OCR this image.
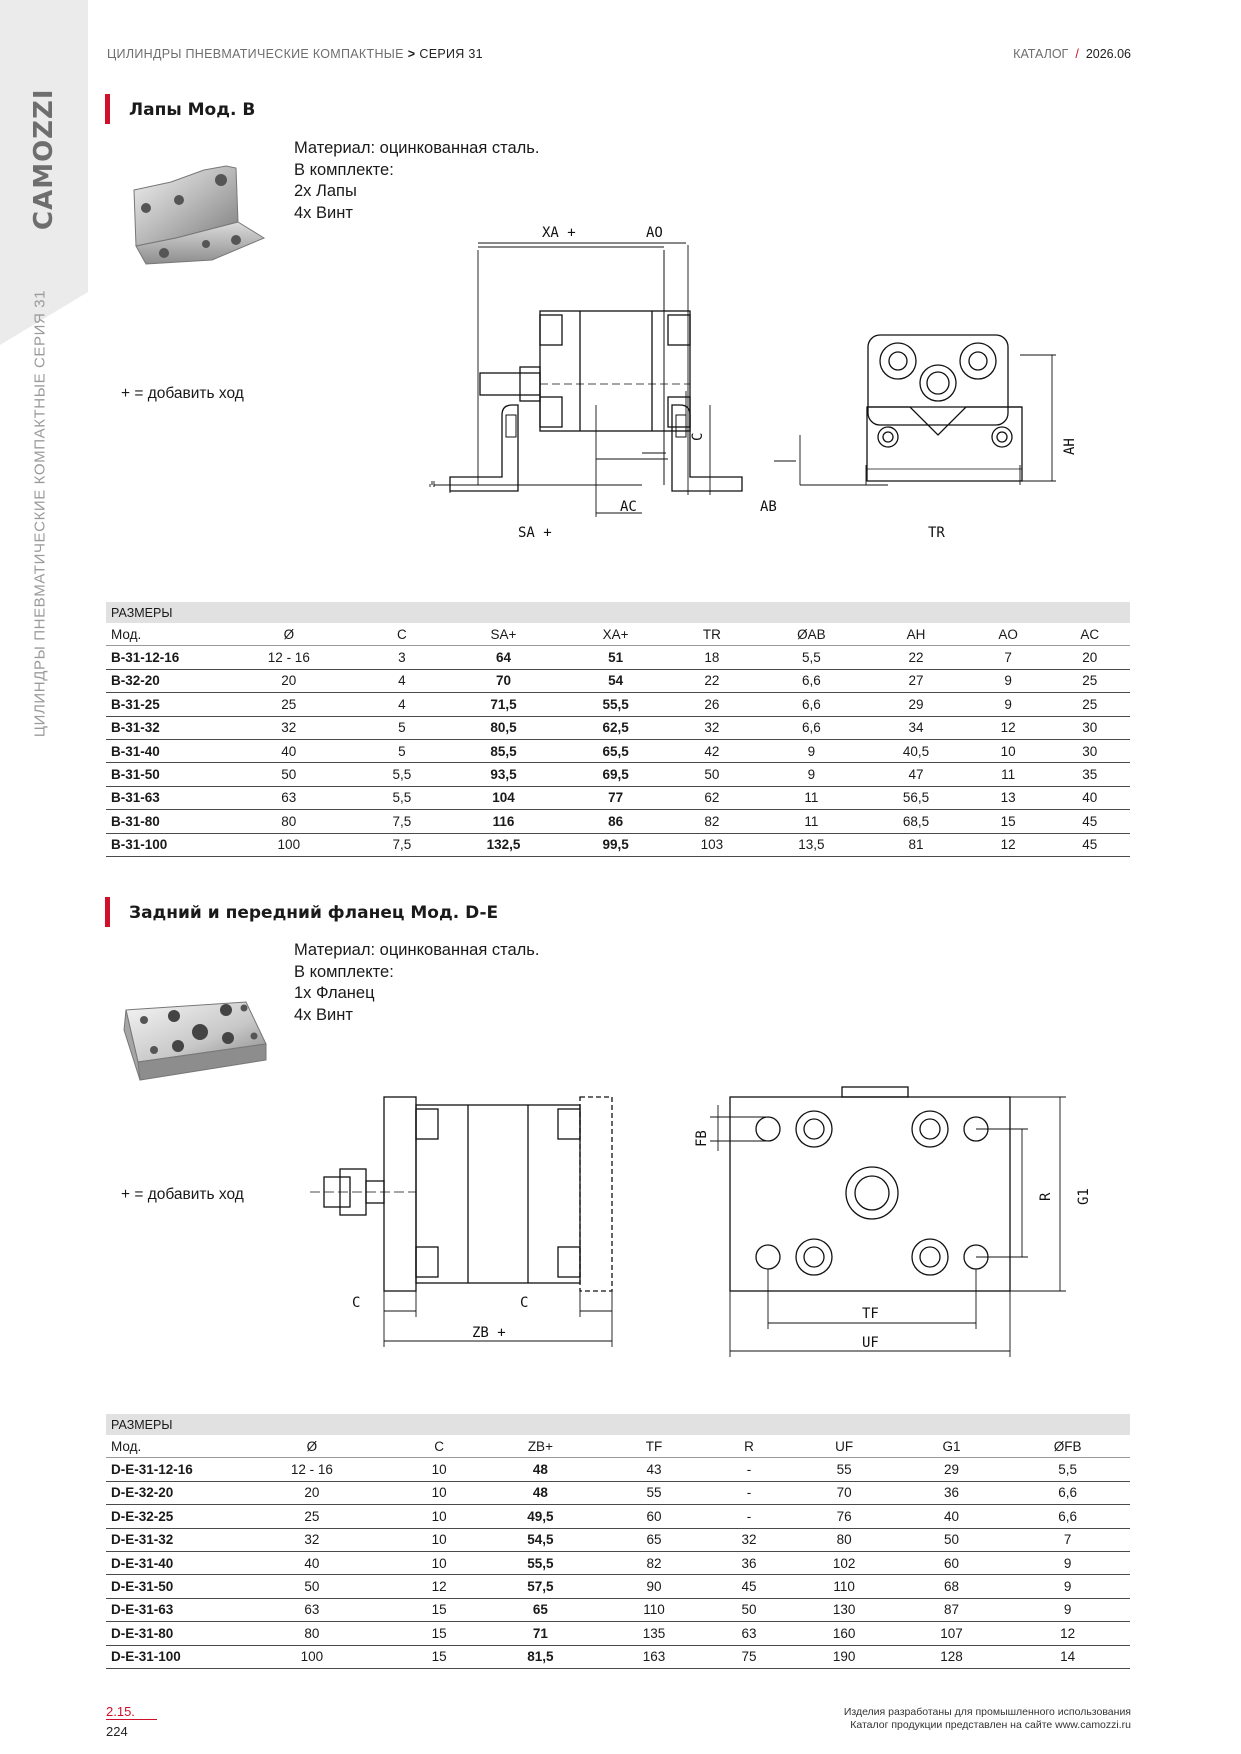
CAMOZZI
ЦИЛИНДРЫ ПНЕВМАТИЧЕСКИЕ КОМПАКТНЫЕ СЕРИЯ 31
ЦИЛИНДРЫ ПНЕВМАТИЧЕСКИЕ КОМПАКТНЫЕ > СЕРИЯ 31	КАТАЛОГ / 2026.06
Лапы Мод. B
Материал: оцинкованная сталь.
В комплекте:
2x Лапы
4x Винт
+ = добавить ход
XA +	AO
C
AC
SA +
AH
AB
TR
РАЗМЕРЫ									
Мод.	Ø	C	SA+	XA+	TR	ØAB	AH	AO	AC
B-31-12-16	12 - 16	3	64	51	18	5,5	22	7	20
B-32-20	20	4	70	54	22	6,6	27	9	25
B-31-25	25	4	71,5	55,5	26	6,6	29	9	25
B-31-32	32	5	80,5	62,5	32	6,6	34	12	30
B-31-40	40	5	85,5	65,5	42	9	40,5	10	30
B-31-50	50	5,5	93,5	69,5	50	9	47	11	35
B-31-63	63	5,5	104	77	62	11	56,5	13	40
B-31-80	80	7,5	116	86	82	11	68,5	15	45
B-31-100	100	7,5	132,5	99,5	103	13,5	81	12	45
Задний и передний фланец Мод. D-E
Материал: оцинкованная сталь.
В комплекте:
1x Фланец
4x Винт
+ = добавить ход
C	C
ZB +
FB
R G1
TF
UF
РАЗМЕРЫ								
Мод.	Ø	C	ZB+	TF	R	UF	G1	ØFB
D-E-31-12-16	12 - 16	10	48	43	-	55	29	5,5
D-E-32-20	20	10	48	55	-	70	36	6,6
D-E-32-25	25	10	49,5	60	-	76	40	6,6
D-E-31-32	32	10	54,5	65	32	80	50	7
D-E-31-40	40	10	55,5	82	36	102	60	9
D-E-31-50	50	12	57,5	90	45	110	68	9
D-E-31-63	63	15	65	110	50	130	87	9
D-E-31-80	80	15	71	135	63	160	107	12
D-E-31-100	100	15	81,5	163	75	190	128	14
2.15.
224
Изделия разработаны для промышленного использования
Каталог продукции представлен на сайте www.camozzi.ru
